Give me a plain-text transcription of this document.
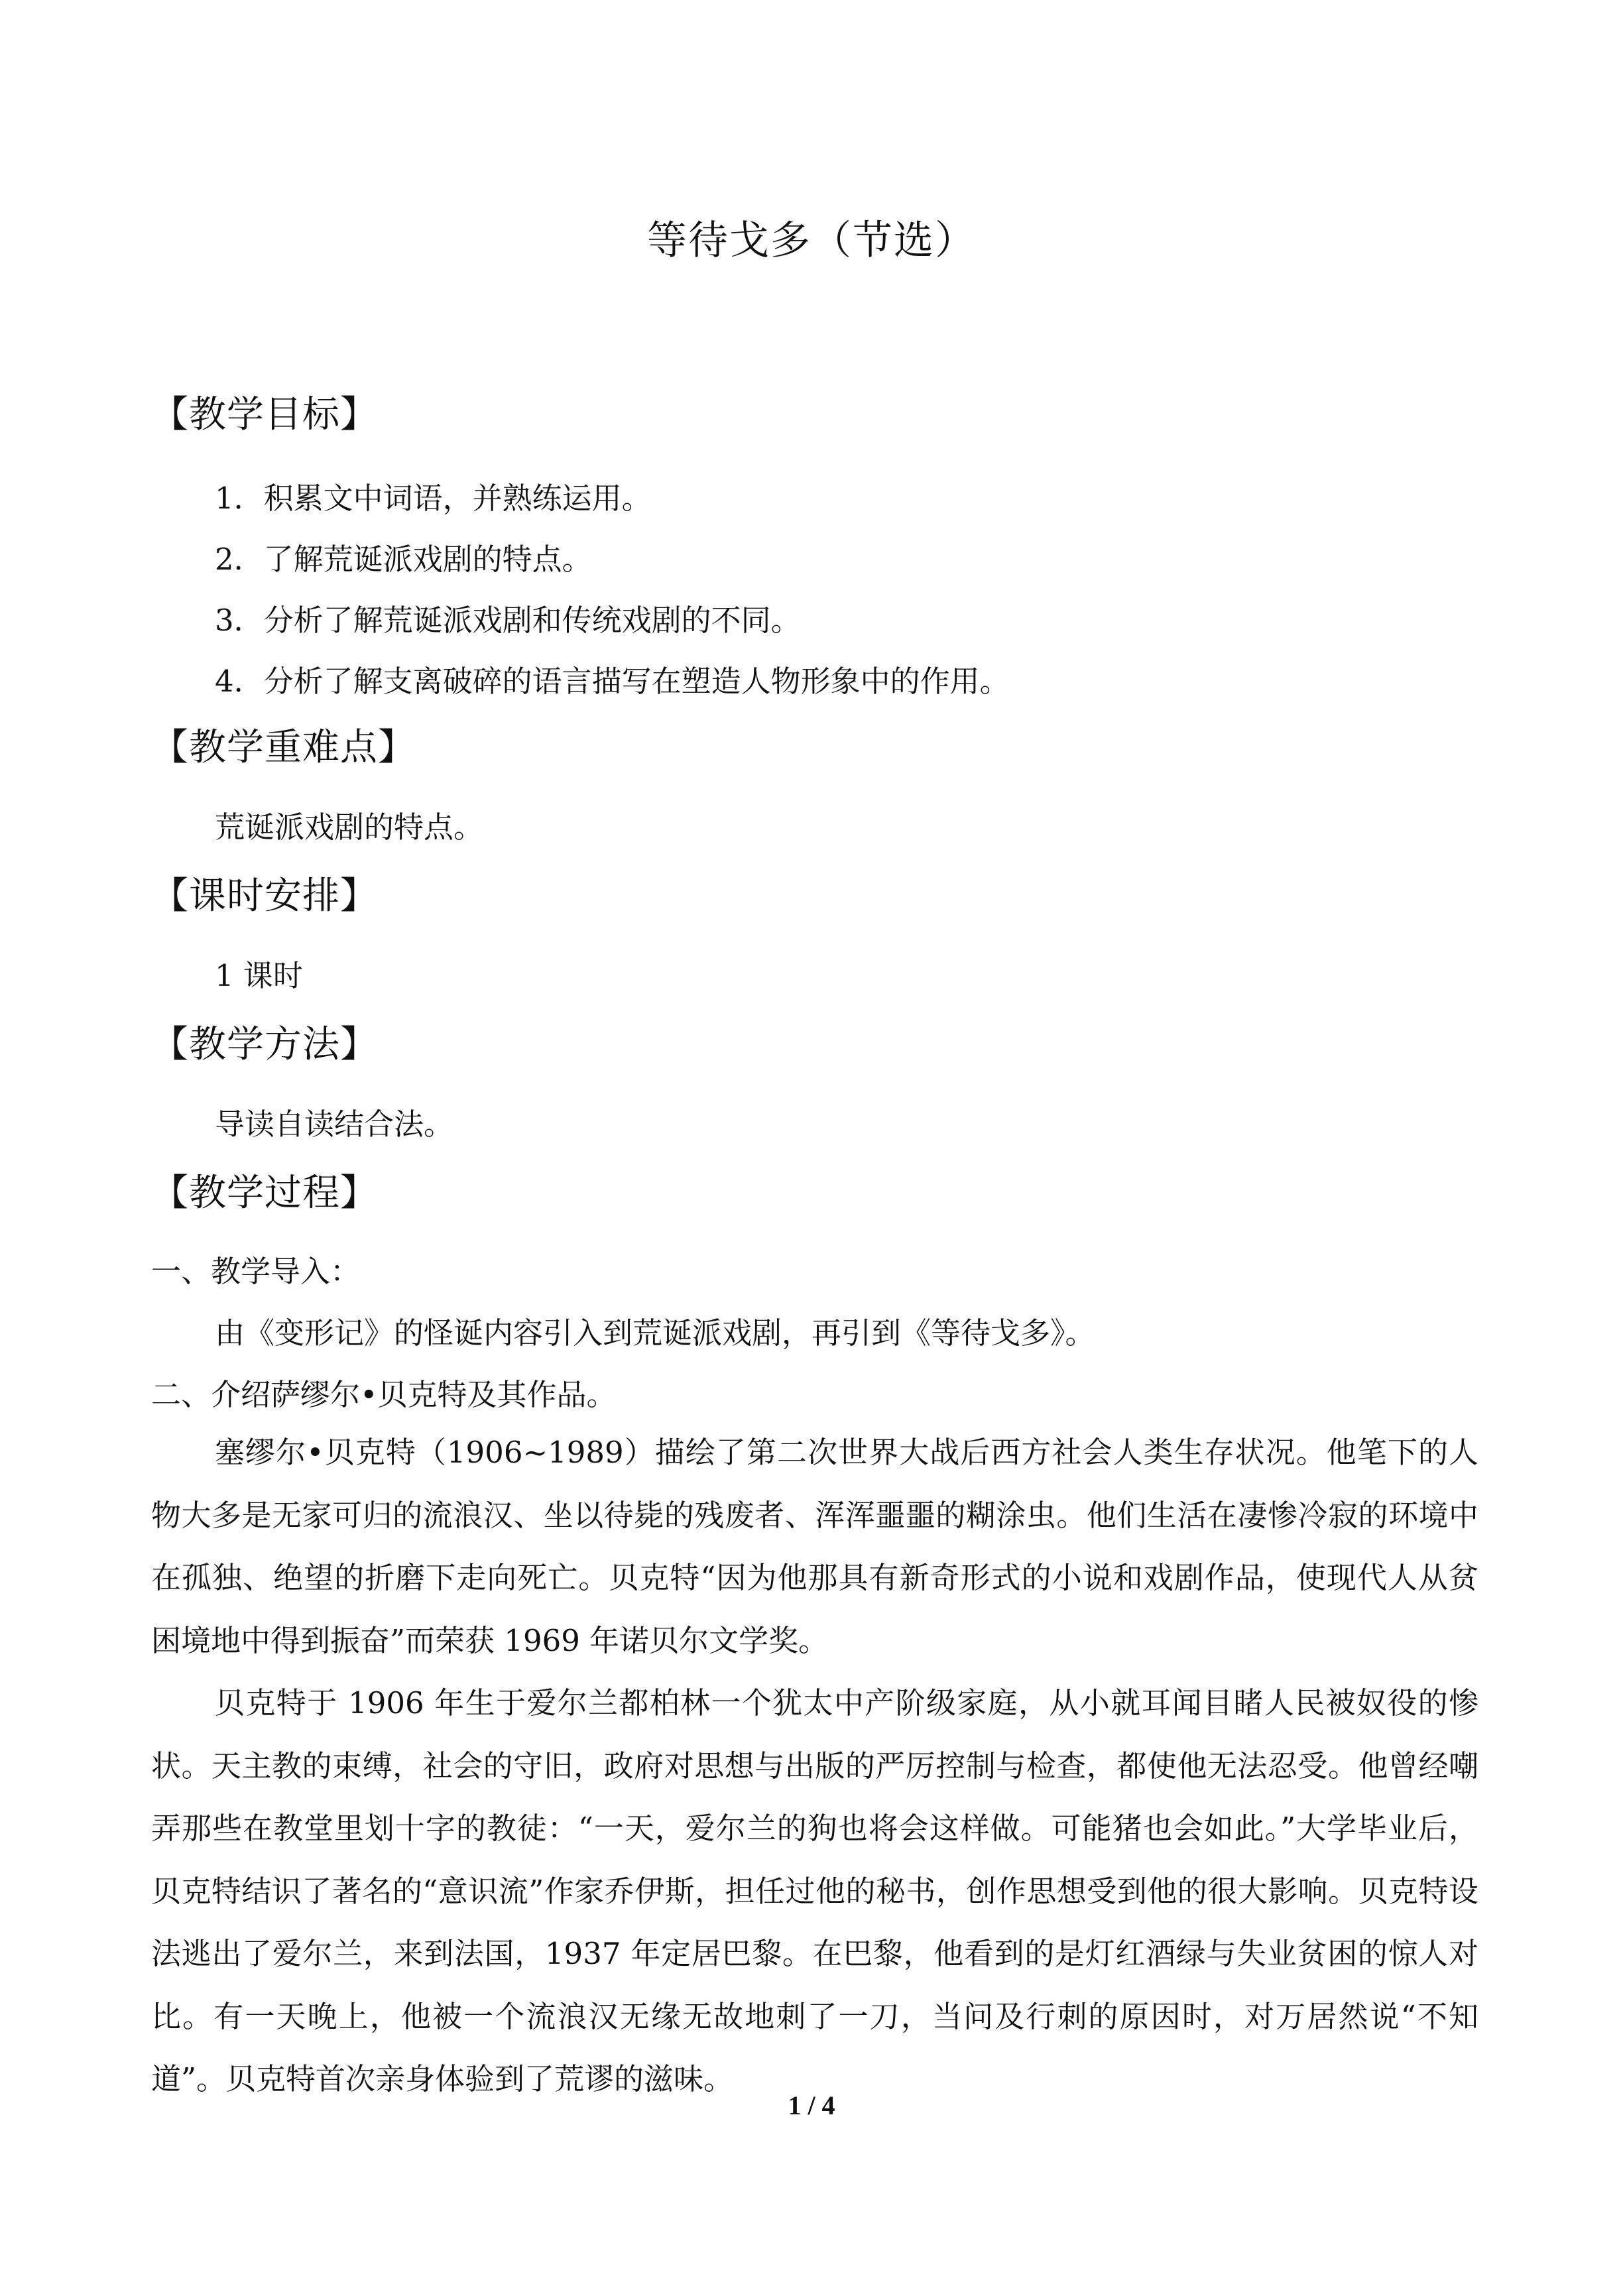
等待戈多（节选）
【教学目标】
1．积累文中词语，并熟练运用。
2．了解荒诞派戏剧的特点。
3．分析了解荒诞派戏剧和传统戏剧的不同。
4．分析了解支离破碎的语言描写在塑造人物形象中的作用。
【教学重难点】
荒诞派戏剧的特点。
【课时安排】
1 课时
【教学方法】
导读自读结合法。
【教学过程】
一、教学导入：
由《变形记》的怪诞内容引入到荒诞派戏剧，再引到《等待戈多》。
二、介绍萨缪尔•贝克特及其作品。
塞缪尔•贝克特（1906~1989）描绘了第二次世界大战后西方社会人类生存状况。他笔下的人物大多是无家可归的流浪汉、坐以待毙的残废者、浑浑噩噩的糊涂虫。他们生活在凄惨冷寂的环境中在孤独、绝望的折磨下走向死亡。贝克特“因为他那具有新奇形式的小说和戏剧作品，使现代人从贫困境地中得到振奋”而荣获 1969 年诺贝尔文学奖。
贝克特于 1906 年生于爱尔兰都柏林一个犹太中产阶级家庭，从小就耳闻目睹人民被奴役的惨状。天主教的束缚，社会的守旧，政府对思想与出版的严厉控制与检查，都使他无法忍受。他曾经嘲弄那些在教堂里划十字的教徒：“一天，爱尔兰的狗也将会这样做。可能猪也会如此。”大学毕业后，贝克特结识了著名的“意识流”作家乔伊斯，担任过他的秘书，创作思想受到他的很大影响。贝克特设法逃出了爱尔兰，来到法国，1937 年定居巴黎。在巴黎，他看到的是灯红酒绿与失业贫困的惊人对比。有一天晚上，他被一个流浪汉无缘无故地刺了一刀，当问及行刺的原因时，对万居然说“不知道”。贝克特首次亲身体验到了荒谬的滋味。
1 / 4
